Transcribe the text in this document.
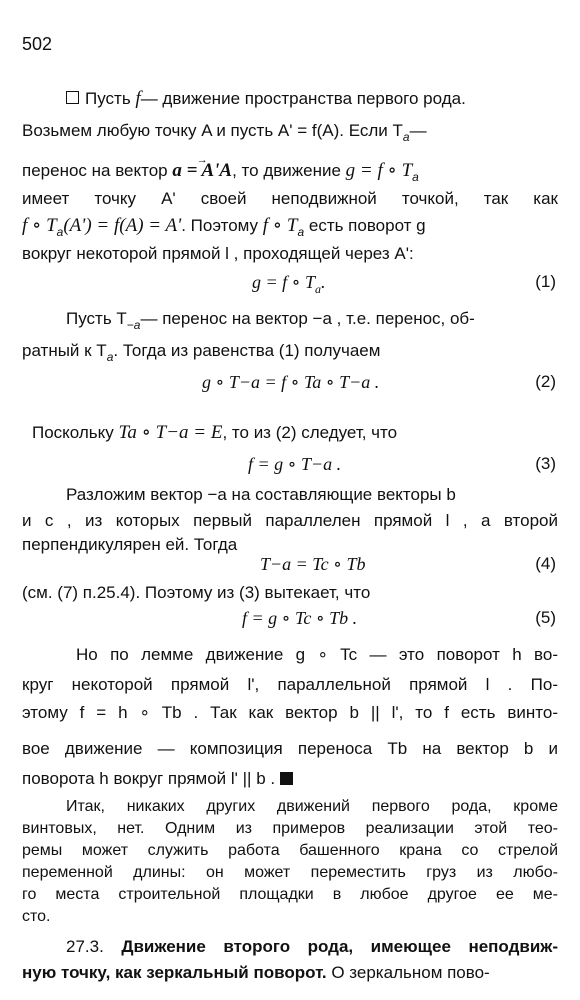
502
Пусть f— движение пространства первого рода.
Возьмем любую точку A и пусть A' = f(A). Если $T_a—$
перенос на вектор a = A'A →, то движение g = f ∘ $T_a$
имеет точку A' своей неподвижной точкой, так как
f ∘ $T_a(A') = f(A) = A'$. Поэтому f ∘ $T_a$ есть поворот g
вокруг некоторой прямой l , проходящей через A':
g = f ∘ $T_a$.	(1)
Пусть $T_{-a}—$ перенос на вектор −a , т.е. перенос, об-
ратный к $T_a$. Тогда из равенства (1) получаем
g ∘ T−a = f ∘ Ta ∘ T−a .	(2)
Поскольку Ta ∘ T−a = E, то из (2) следует, что
f = g ∘ T−a .	(3)
Разложим вектор −a на составляющие векторы b
и c , из которых первый параллелен прямой l , а второй
перпендикулярен ей. Тогда
T−a = Tc ∘ Tb	(4)
(см. (7) п.25.4). Поэтому из (3) вытекает, что
f = g ∘ Tc ∘ Tb .	(5)
Но по лемме движение g ∘ Tc — это поворот h во-
круг некоторой прямой l', параллельной прямой l . По-
этому f = h ∘ Tb . Так как вектор b || l', то f есть винто-
вое движение — композиция переноса Tb на вектор b и
поворота h вокруг прямой l' || b .
Итак, никаких других движений первого рода, кроме
винтовых, нет. Одним из примеров реализации этой тео-
ремы может служить работа башенного крана со стрелой
переменной длины: он может переместить груз из любо-
го места строительной площадки в любое другое ее ме-
сто.
27.3. Движение второго рода, имеющее неподвиж-
ную точку, как зеркальный поворот. О зеркальном пово-
